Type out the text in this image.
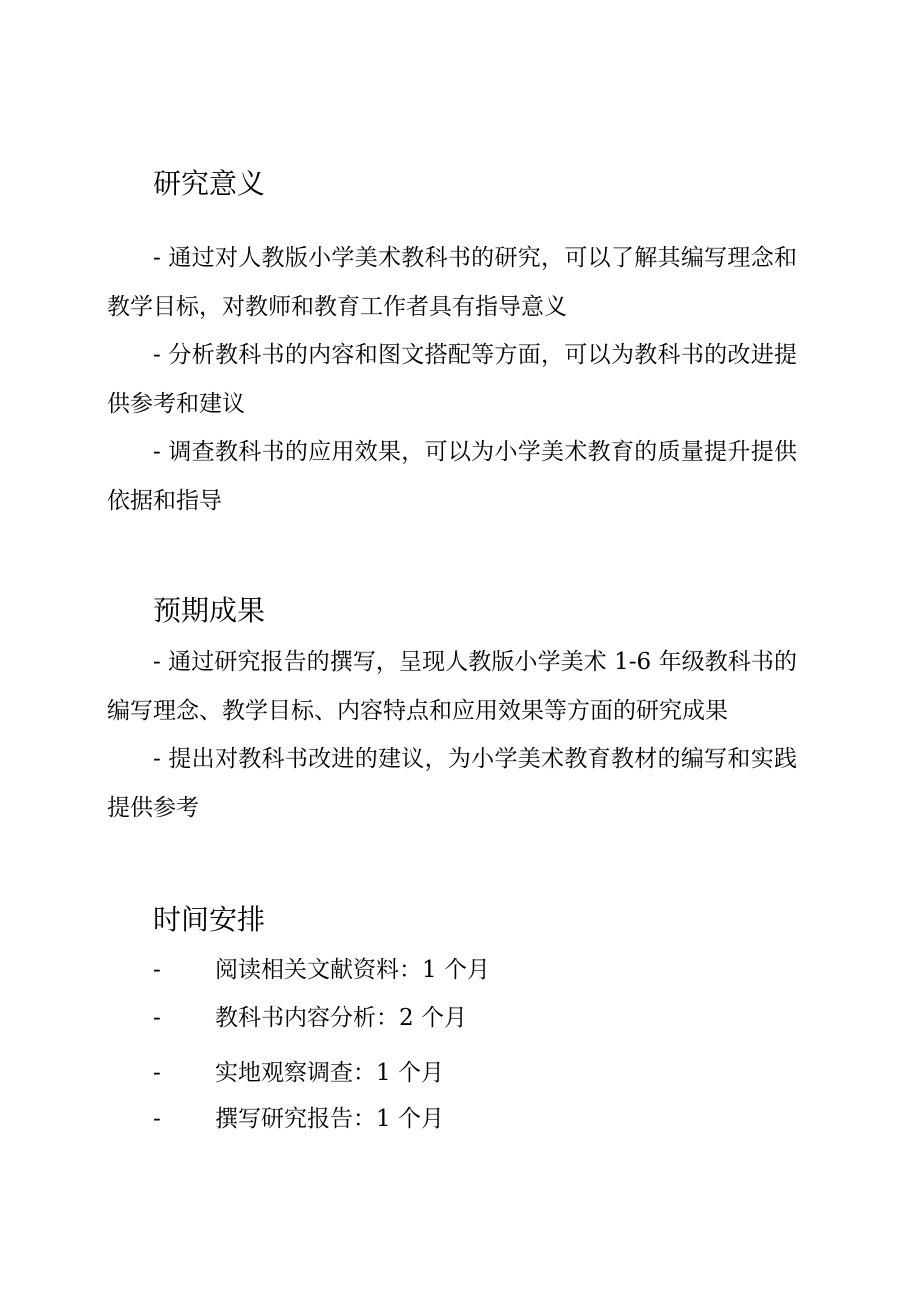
研究意义

- 通过对人教版小学美术教科书的研究，可以了解其编写理念和教学目标，对教师和教育工作者具有指导意义

- 分析教科书的内容和图文搭配等方面，可以为教科书的改进提供参考和建议

- 调查教科书的应用效果，可以为小学美术教育的质量提升提供依据和指导

预期成果

- 通过研究报告的撰写，呈现人教版小学美术 1-6 年级教科书的编写理念、教学目标、内容特点和应用效果等方面的研究成果

- 提出对教科书改进的建议，为小学美术教育教材的编写和实践提供参考

时间安排
- 阅读相关文献资料：1 个月
- 教科书内容分析：2 个月
- 实地观察调查：1 个月
- 撰写研究报告：1 个月
